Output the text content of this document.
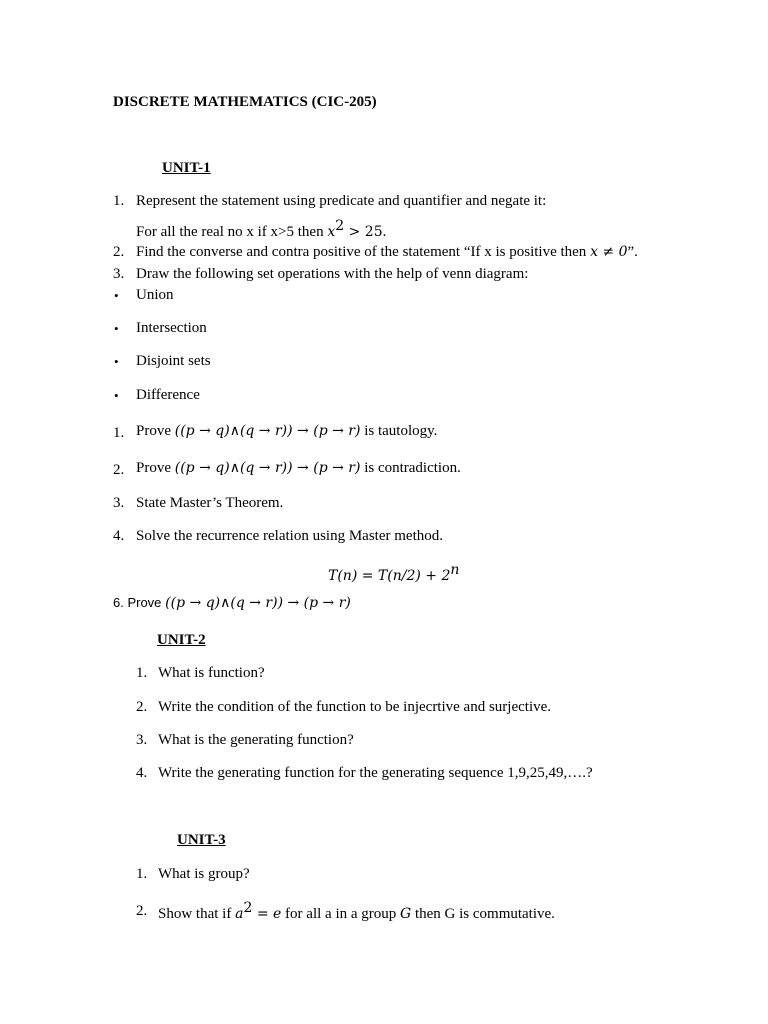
DISCRETE MATHEMATICS (CIC-205)
UNIT-1
1. Represent the statement using predicate and quantifier and negate it:
For all the real no x if x>5 then $x^2 > 25$.
2. Find the converse and contra positive of the statement “If x is positive then x ≠ 0”.
3. Draw the following set operations with the help of venn diagram:
• Union
• Intersection
• Disjoint sets
• Difference
1. Prove ((p → q)∧(q → r)) → (p → r) is tautology.
2. Prove ((p → q)∧(q → r)) → (p → r) is contradiction.
3. State Master’s Theorem.
4. Solve the recurrence relation using Master method.
$T(n) = T(n/2) + 2^n$
6. Prove ((p → q)∧(q → r)) → (p → r)
UNIT-2
1. What is function?
2. Write the condition of the function to be injecrtive and surjective.
3. What is the generating function?
4. Write the generating function for the generating sequence 1,9,25,49,….?
UNIT-3
1. What is group?
2. Show that if $a^2 = e$ for all a in a group G then G is commutative.
